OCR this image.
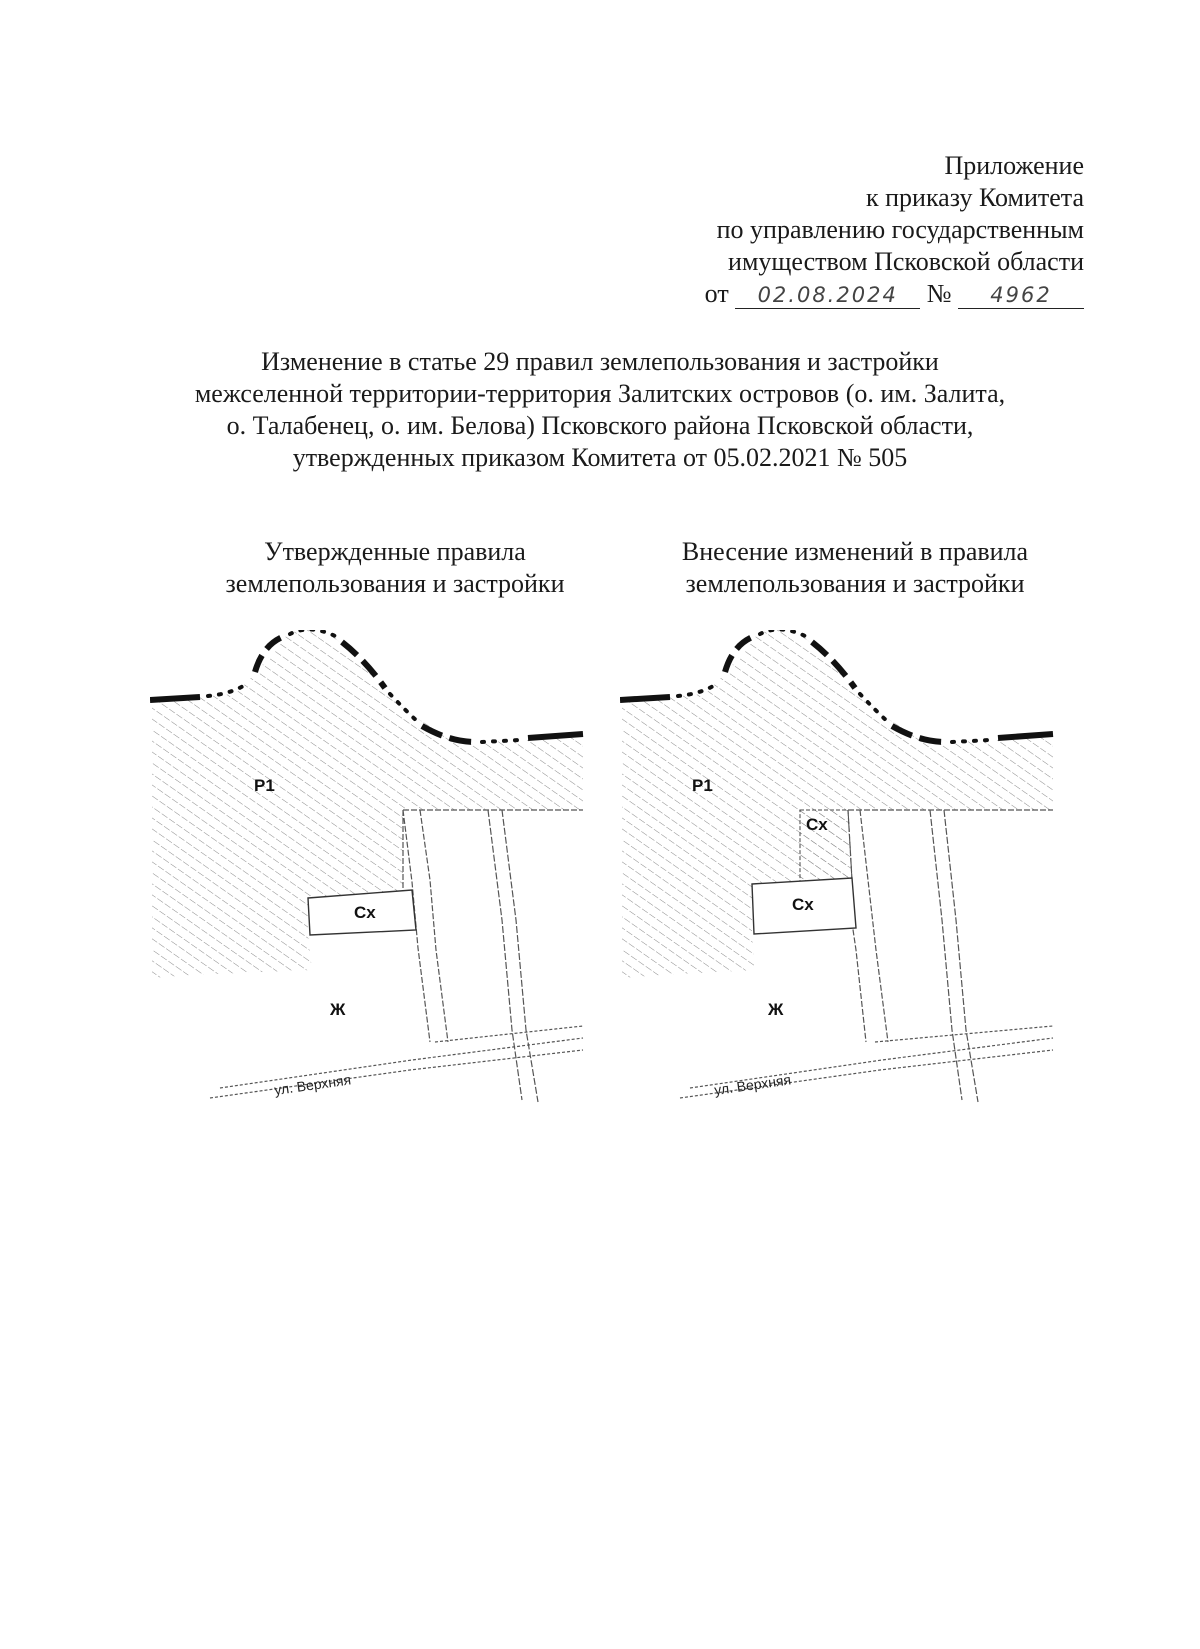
Приложение
к приказу Комитета
по управлению государственным
имуществом Псковской области
от 02.08.2024 № 4962
Изменение в статье 29 правил землепользования и застройки
межселенной территории-территория Залитских островов (о. им. Залита,
о. Талабенец, о. им. Белова) Псковского района Псковской области,
утвержденных приказом Комитета от 05.02.2021 № 505
Утвержденные правила
землепользования и застройки
Внесение изменений в правила
землепользования и застройки
Р1
Сх
Ж
ул. Верхняя
Р1
Сх
Сх
Ж
ул. Верхняя
